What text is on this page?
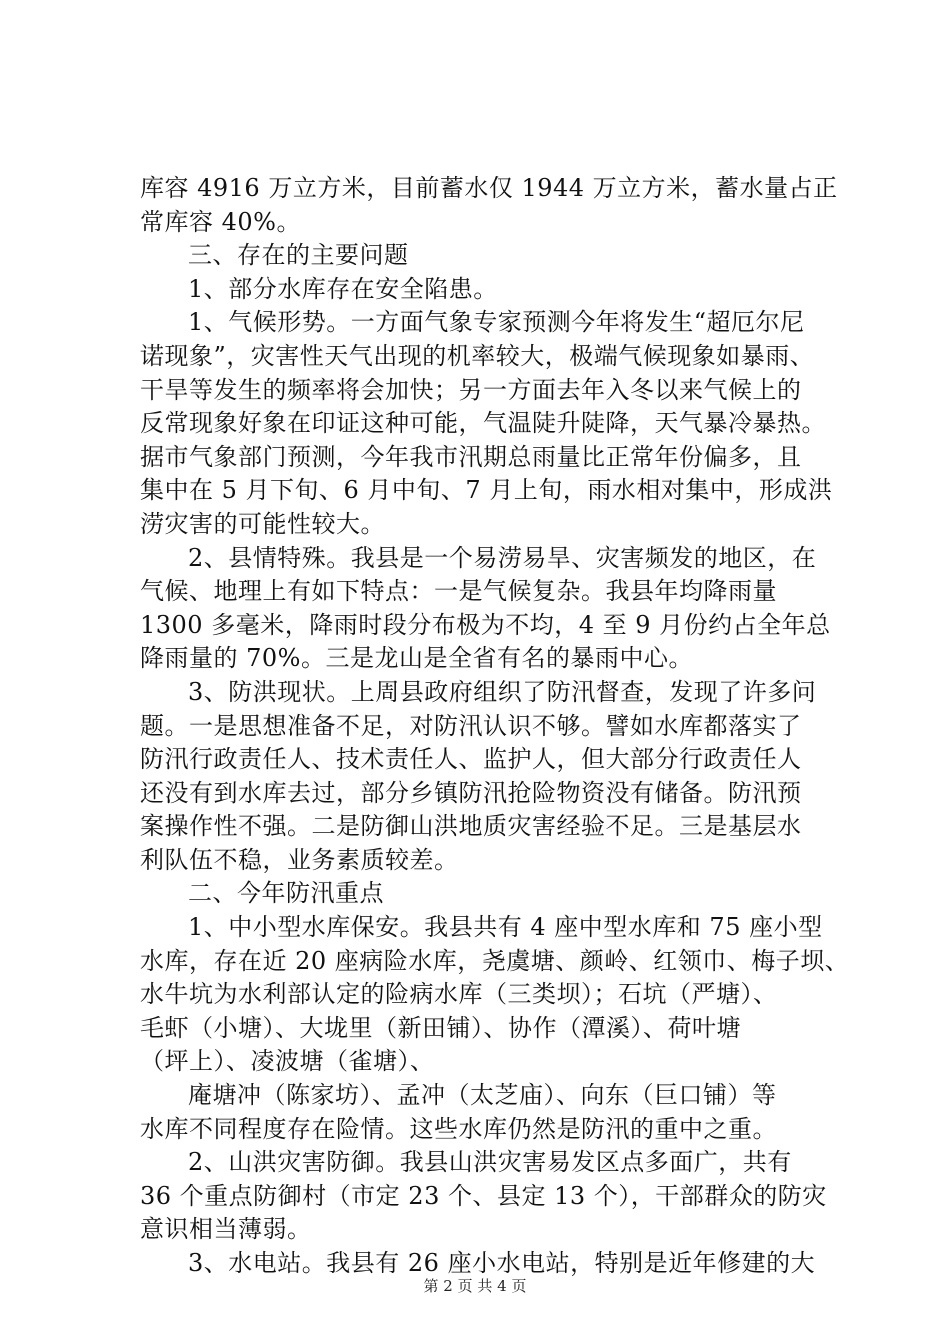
库容 4916 万立方米，目前蓄水仅 1944 万立方米，蓄水量占正
常库容 40%。
三、存在的主要问题
1、部分水库存在安全陷患。
1、气候形势。一方面气象专家预测今年将发生“超厄尔尼
诺现象”，灾害性天气出现的机率较大，极端气候现象如暴雨、
干旱等发生的频率将会加快；另一方面去年入冬以来气候上的
反常现象好象在印证这种可能，气温陡升陡降，天气暴冷暴热。
据市气象部门预测，今年我市汛期总雨量比正常年份偏多，且
集中在 5 月下旬、6 月中旬、7 月上旬，雨水相对集中，形成洪
涝灾害的可能性较大。
2、县情特殊。我县是一个易涝易旱、灾害频发的地区，在
气候、地理上有如下特点：一是气候复杂。我县年均降雨量
1300 多毫米，降雨时段分布极为不均，4 至 9 月份约占全年总
降雨量的 70%。三是龙山是全省有名的暴雨中心。
3、防洪现状。上周县政府组织了防汛督查，发现了许多问
题。一是思想准备不足，对防汛认识不够。譬如水库都落实了
防汛行政责任人、技术责任人、监护人，但大部分行政责任人
还没有到水库去过，部分乡镇防汛抢险物资没有储备。防汛预
案操作性不强。二是防御山洪地质灾害经验不足。三是基层水
利队伍不稳，业务素质较差。
二、今年防汛重点
1、中小型水库保安。我县共有 4 座中型水库和 75 座小型
水库，存在近 20 座病险水库，尧虞塘、颜岭、红领巾、梅子坝、
水牛坑为水利部认定的险病水库（三类坝）；石坑（严塘）、
毛虾（小塘）、大垅里（新田铺）、协作（潭溪）、荷叶塘
（坪上）、凌波塘（雀塘）、
庵塘冲（陈家坊）、孟冲（太芝庙）、向东（巨口铺）等
水库不同程度存在险情。这些水库仍然是防汛的重中之重。
2、山洪灾害防御。我县山洪灾害易发区点多面广，共有
36 个重点防御村（市定 23 个、县定 13 个），干部群众的防灾
意识相当薄弱。
3、水电站。我县有 26 座小水电站，特别是近年修建的大
第 2 页 共 4 页
